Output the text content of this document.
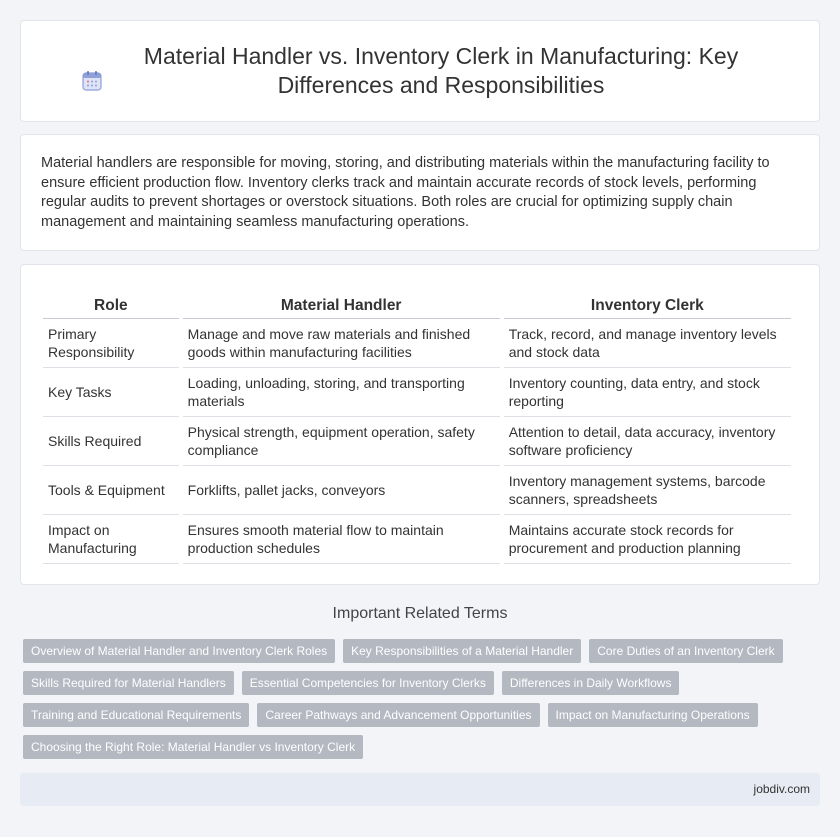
Material Handler vs. Inventory Clerk in Manufacturing: Key Differences and Responsibilities

Material handlers are responsible for moving, storing, and distributing materials within the manufacturing facility to ensure efficient production flow. Inventory clerks track and maintain accurate records of stock levels, performing regular audits to prevent shortages or overstock situations. Both roles are crucial for optimizing supply chain management and maintaining seamless manufacturing operations.

Role	Material Handler	Inventory Clerk
Primary Responsibility	Manage and move raw materials and finished goods within manufacturing facilities	Track, record, and manage inventory levels and stock data
Key Tasks	Loading, unloading, storing, and transporting materials	Inventory counting, data entry, and stock reporting
Skills Required	Physical strength, equipment operation, safety compliance	Attention to detail, data accuracy, inventory software proficiency
Tools & Equipment	Forklifts, pallet jacks, conveyors	Inventory management systems, barcode scanners, spreadsheets
Impact on Manufacturing	Ensures smooth material flow to maintain production schedules	Maintains accurate stock records for procurement and production planning
Important Related Terms
Overview of Material Handler and Inventory Clerk Roles	Key Responsibilities of a Material Handler	Core Duties of an Inventory Clerk
Skills Required for Material Handlers	Essential Competencies for Inventory Clerks	Differences in Daily Workflows
Training and Educational Requirements	Career Pathways and Advancement Opportunities	Impact on Manufacturing Operations
Choosing the Right Role: Material Handler vs Inventory Clerk
jobdiv.com
